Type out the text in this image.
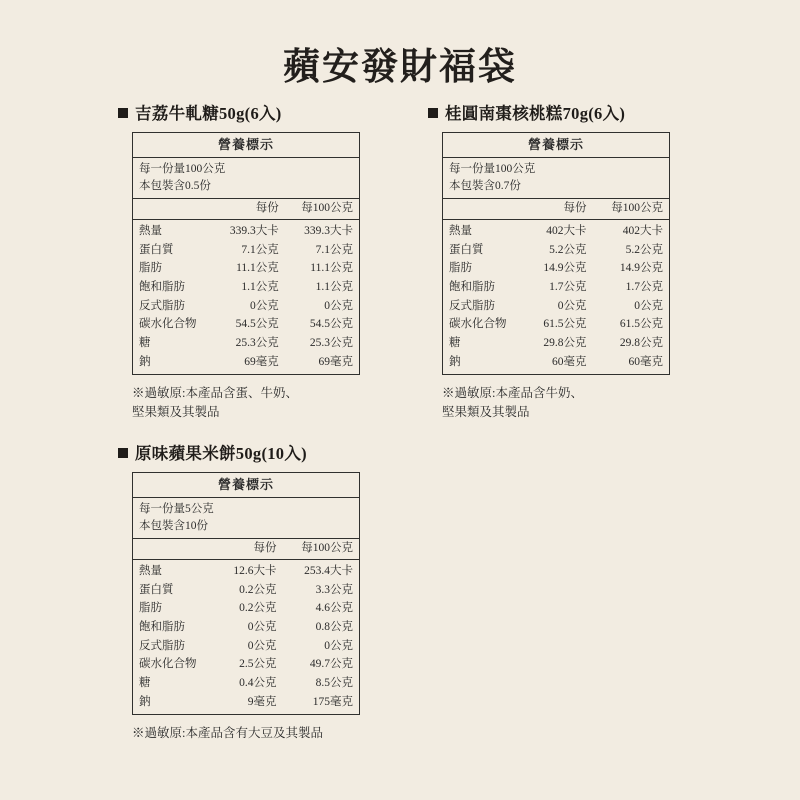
蘋安發財福袋
吉荔牛軋糖50g(6入)
營養標示
每一份量100公克
本包裝含0.5份
	每份	每100公克
熱量	339.3大卡	339.3大卡
蛋白質	7.1公克	7.1公克
脂肪	11.1公克	11.1公克
飽和脂肪	1.1公克	1.1公克
反式脂肪	0公克	0公克
碳水化合物	54.5公克	54.5公克
糖	25.3公克	25.3公克
鈉	69毫克	69毫克
※過敏原:本產品含蛋、牛奶、
堅果類及其製品
桂圓南棗核桃糕70g(6入)
營養標示
每一份量100公克
本包裝含0.7份
	每份	每100公克
熱量	402大卡	402大卡
蛋白質	5.2公克	5.2公克
脂肪	14.9公克	14.9公克
飽和脂肪	1.7公克	1.7公克
反式脂肪	0公克	0公克
碳水化合物	61.5公克	61.5公克
糖	29.8公克	29.8公克
鈉	60毫克	60毫克
※過敏原:本產品含牛奶、
堅果類及其製品
原味蘋果米餅50g(10入)
營養標示
每一份量5公克
本包裝含10份
	每份	每100公克
熱量	12.6大卡	253.4大卡
蛋白質	0.2公克	3.3公克
脂肪	0.2公克	4.6公克
飽和脂肪	0公克	0.8公克
反式脂肪	0公克	0公克
碳水化合物	2.5公克	49.7公克
糖	0.4公克	8.5公克
鈉	9毫克	175毫克
※過敏原:本產品含有大豆及其製品
